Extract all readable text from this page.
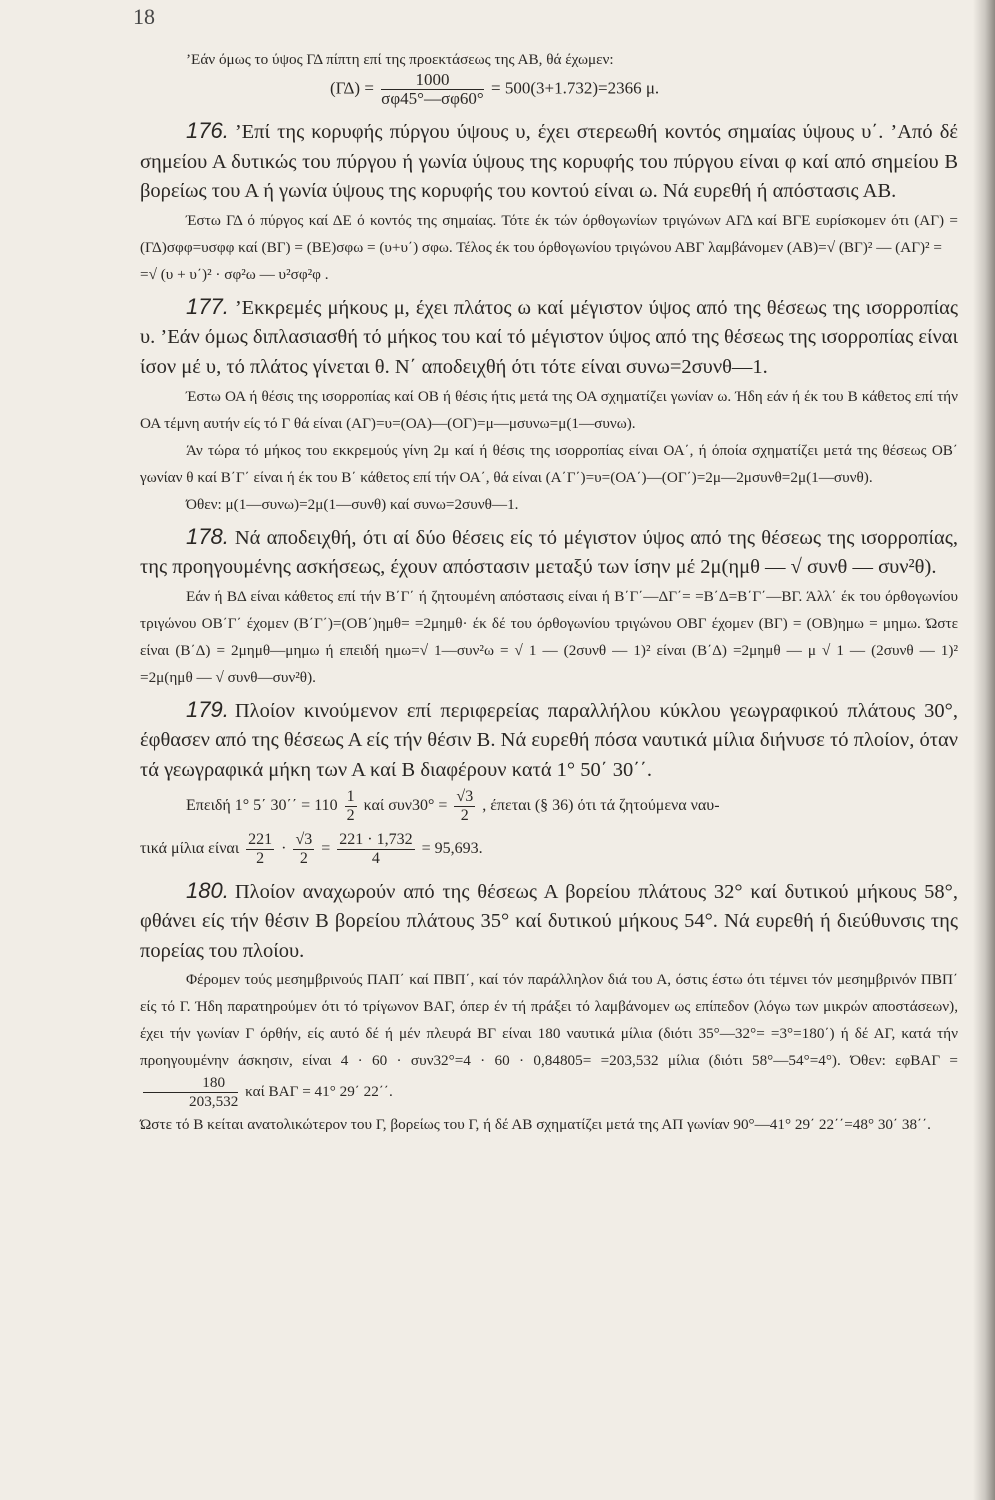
18

’Εάν όμως το ύψος ΓΔ πίπτη επί της προεκτάσεως της ΑΒ, θά έχωμεν:

$(\Gamma\Delta) = \frac{1000}{\sigma\varphi 45^\circ—\sigma\varphi 60^\circ} = 500(3+1.732)=2366$ μ.

176. ’Επί της κορυφής πύργου ύψους υ, έχει στερεωθή κοντός σημαίας ύψους υ΄. ’Από δέ σημείου Α δυτικώς του πύργου ή γωνία ύψους της κορυφής του πύργου είναι φ καί από σημείου Β βορείως του Α ή γωνία ύψους της κορυφής του κοντού είναι ω. Νά ευρεθή ή απόστασις ΑΒ.

Έστω ΓΔ ό πύργος καί ΔΕ ό κοντός της σημαίας. Τότε έκ τών όρθογωνίων τριγώνων ΑΓΔ καί ΒΓΕ ευρίσκομεν ότι (ΑΓ) = (ΓΔ)σφφ=υσφφ καί (ΒΓ) = (ΒΕ)σφω = (υ+υ΄) σφω. Τέλος έκ του όρθογωνίου τριγώνου ΑΒΓ λαμβάνομεν (ΑΒ)=√ (ΒΓ)² — (ΑΓ)² =

=√ (υ + υ΄)² · σφ²ω — υ²σφ²φ .

177. ’Εκκρεμές μήκους μ, έχει πλάτος ω καί μέγιστον ύψος από της θέσεως της ισορροπίας υ. ’Εάν όμως διπλασιασθή τό μήκος του καί τό μέγιστον ύψος από της θέσεως της ισορροπίας είναι ίσον μέ υ, τό πλάτος γίνεται θ. Ν΄ αποδειχθή ότι τότε είναι συνω=2συνθ—1.

Έστω ΟΑ ή θέσις της ισορροπίας καί ΟΒ ή θέσις ήτις μετά της ΟΑ σχηματίζει γωνίαν ω. Ήδη εάν ή έκ του Β κάθετος επί τήν ΟΑ τέμνη αυτήν είς τό Γ θά είναι (ΑΓ)=υ=(ΟΑ)—(ΟΓ)=μ—μσυνω=μ(1—συνω).

Άν τώρα τό μήκος του εκκρεμούς γίνη 2μ καί ή θέσις της ισορροπίας είναι ΟΑ΄, ή όποία σχηματίζει μετά της θέσεως ΟΒ΄ γωνίαν θ καί Β΄Γ΄ είναι ή έκ του Β΄ κάθετος επί τήν ΟΑ΄, θά είναι (Α΄Γ΄)=υ=(ΟΑ΄)—(ΟΓ΄)=2μ—2μσυνθ=2μ(1—συνθ).

Όθεν: μ(1—συνω)=2μ(1—συνθ) καί συνω=2συνθ—1.

178. Νά αποδειχθή, ότι αί δύο θέσεις είς τό μέγιστον ύψος από της θέσεως της ισορροπίας, της προηγουμένης ασκήσεως, έχουν απόστασιν μεταξύ των ίσην μέ 2μ(ημθ — √ συνθ — συν²θ).

Εάν ή ΒΔ είναι κάθετος επί τήν Β΄Γ΄ ή ζητουμένη απόστασις είναι ή Β΄Γ΄—ΔΓ΄= =Β΄Δ=Β΄Γ΄—ΒΓ. Άλλ΄ έκ του όρθογωνίου τριγώνου ΟΒ΄Γ΄ έχομεν (Β΄Γ΄)=(ΟΒ΄)ημθ= =2μημθ· έκ δέ του όρθογωνίου τριγώνου ΟΒΓ έχομεν (ΒΓ) = (ΟΒ)ημω = μημω. Ώστε είναι (Β΄Δ) = 2μημθ—μημω ή επειδή ημω=√ 1—συν²ω = √ 1 — (2συνθ — 1)² είναι (Β΄Δ) =2μημθ — μ √ 1 — (2συνθ — 1)² =2μ(ημθ — √ συνθ—συν²θ).

179. Πλοίον κινούμενον επί περιφερείας παραλλήλου κύκλου γεωγραφικού πλάτους 30°, έφθασεν από της θέσεως Α είς τήν θέσιν Β. Νά ευρεθή πόσα ναυτικά μίλια διήνυσε τό πλοίον, όταν τά γεωγραφικά μήκη των Α καί Β διαφέρουν κατά 1° 50΄ 30΄΄.

Επειδή 1° 5΄ $30΄΄ = 110 \frac{1}{2}$ καί $\sigma\upsilon\nu 30^\circ = \frac{√3}{2}$ , έπεται (§ 36) ότι τά ζητούμενα ναυ-
τικά μίλια είναι $\frac{221}{2} \cdot \frac{√3}{2} = \frac{221 \cdot 1,732}{4} = 95,693$.

180. Πλοίον αναχωρούν από της θέσεως Α βορείου πλάτους 32° καί δυτικού μήκους 58°, φθάνει είς τήν θέσιν Β βορείου πλάτους 35° καί δυτικού μήκους 54°. Νά ευρεθή ή διεύθυνσις της πορείας του πλοίου.

Φέρομεν τούς μεσημβρινούς ΠΑΠ΄ καί ΠΒΠ΄, καί τόν παράλληλον διά του Α, όστις έστω ότι τέμνει τόν μεσημβρινόν ΠΒΠ΄ είς τό Γ. Ήδη παρατηρούμεν ότι τό τρίγωνον ΒΑΓ, όπερ έν τή πράξει τό λαμβάνομεν ως επίπεδον (λόγω των μικρών αποστάσεων), έχει τήν γωνίαν Γ όρθήν, είς αυτό δέ ή μέν πλευρά ΒΓ είναι 180 ναυτικά μίλια (διότι 35°—32°= =3°=180΄) ή δέ ΑΓ, κατά τήν προηγουμένην άσκησιν, είναι 4 · 60 · συν32°=4 · 60 · 0,84805= =203,532 μίλια (διότι 58°—54°=4°). Όθεν: εφΒΑΓ =
$\frac{180}{203,532}$ καί ΒΑΓ = 41° 29΄ 22΄΄.

Ώστε τό Β κείται ανατολικώτερον του Γ, βορείως του Γ, ή δέ ΑΒ σχηματίζει μετά της ΑΠ γωνίαν 90°—41° 29΄ 22΄΄=48° 30΄ 38΄΄.
